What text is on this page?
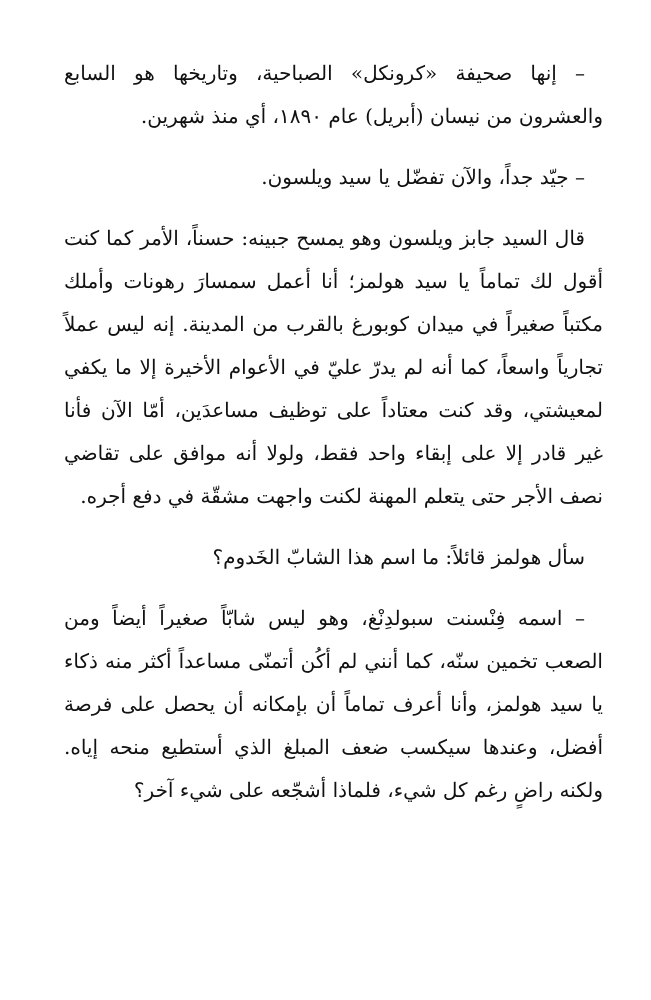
– إنها صحيفة «كرونكل» الصباحية، وتاريخها هو السابع والعشرون من نيسان (أبريل) عام ١٨٩٠، أي منذ شهرين.

– جيّد جداً، والآن تفضّل يا سيد ويلسون.

قال السيد جابز ويلسون وهو يمسح جبينه: حسناً، الأمر كما كنت أقول لك تماماً يا سيد هولمز؛ أنا أعمل سمسارَ رهونات وأملك مكتباً صغيراً في ميدان كوبورغ بالقرب من المدينة. إنه ليس عملاً تجارياً واسعاً، كما أنه لم يدرّ عليّ في الأعوام الأخيرة إلا ما يكفي لمعيشتي، وقد كنت معتاداً على توظيف مساعدَين، أمّا الآن فأنا غير قادر إلا على إبقاء واحد فقط، ولولا أنه موافق على تقاضي نصف الأجر حتى يتعلم المهنة لكنت واجهت مشقّة في دفع أجره.

سأل هولمز قائلاً: ما اسم هذا الشابّ الخَدوم؟

– اسمه فِنْسنت سبولدِنْغ، وهو ليس شابّاً صغيراً أيضاً ومن الصعب تخمين سنّه، كما أنني لم أكُن أتمنّى مساعداً أكثر منه ذكاء يا سيد هولمز، وأنا أعرف تماماً أن بإمكانه أن يحصل على فرصة أفضل، وعندها سيكسب ضعف المبلغ الذي أستطيع منحه إياه. ولكنه راضٍ رغم كل شيء، فلماذا أشجّعه على شيء آخر؟
